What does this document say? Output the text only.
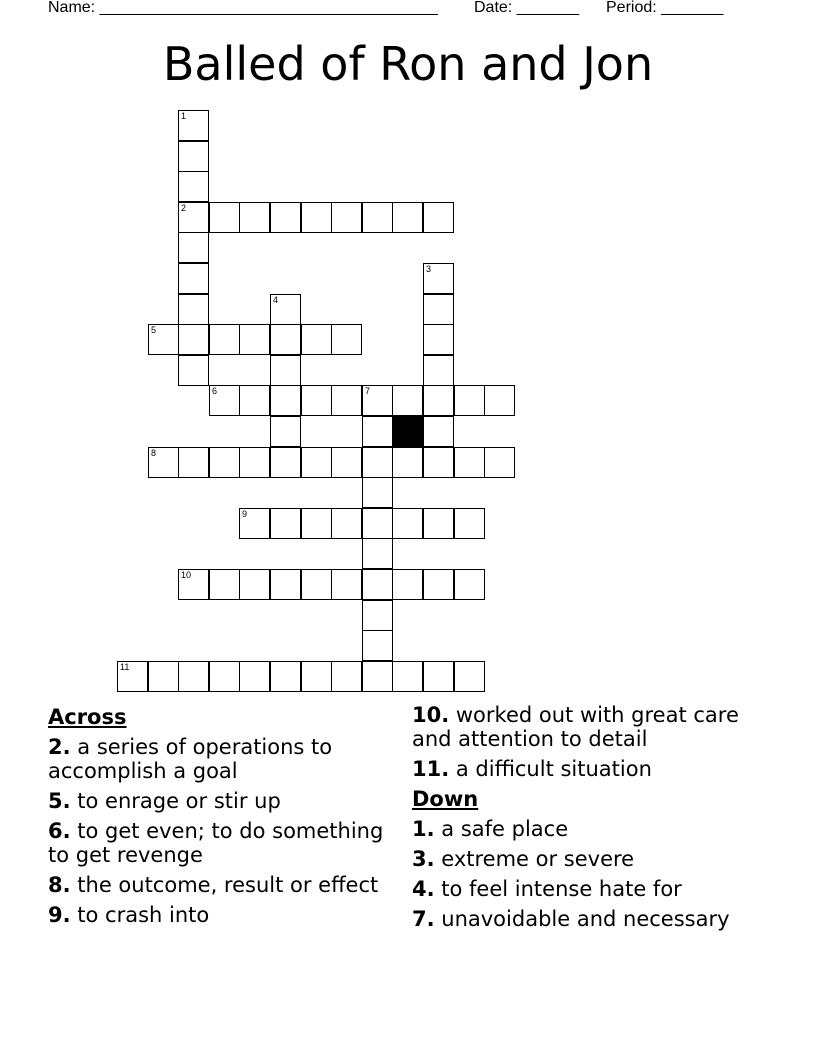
Name: ______________________________________ Date: _______ Period: _______
Balled of Ron and Jon
2
5
6	7
8
9
10
11
1
3
4
Across
2. a series of operations to accomplish a goal
5. to enrage or stir up
6. to get even; to do something to get revenge
8. the outcome, result or effect
9. to crash into
10. worked out with great care and attention to detail
11. a difficult situation
Down
1. a safe place
3. extreme or severe
4. to feel intense hate for
7. unavoidable and necessary
